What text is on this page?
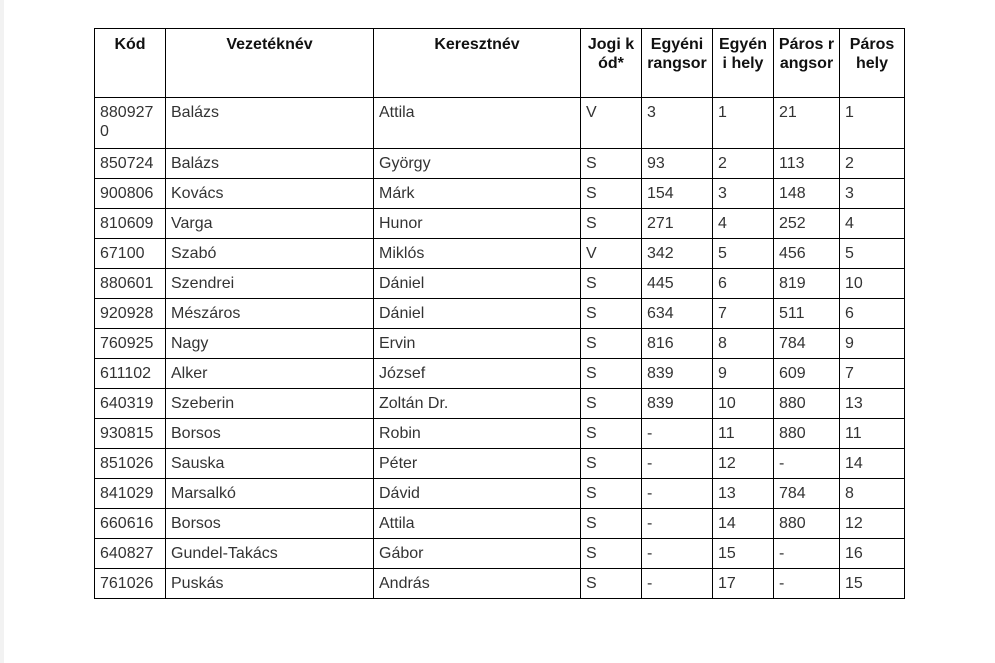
Kód	Vezetéknév	Keresztnév	Jogi kód*	Egyéni rangsor	Egyéni hely	Páros rangsor	Páros hely
8809270	Balázs	Attila	V	3	1	21	1
850724	Balázs	György	S	93	2	113	2
900806	Kovács	Márk	S	154	3	148	3
810609	Varga	Hunor	S	271	4	252	4
67100	Szabó	Miklós	V	342	5	456	5
880601	Szendrei	Dániel	S	445	6	819	10
920928	Mészáros	Dániel	S	634	7	511	6
760925	Nagy	Ervin	S	816	8	784	9
611102	Alker	József	S	839	9	609	7
640319	Szeberin	Zoltán Dr.	S	839	10	880	13
930815	Borsos	Robin	S	-	11	880	11
851026	Sauska	Péter	S	-	12	-	14
841029	Marsalkó	Dávid	S	-	13	784	8
660616	Borsos	Attila	S	-	14	880	12
640827	Gundel-Takács	Gábor	S	-	15	-	16
761026	Puskás	András	S	-	17	-	15
